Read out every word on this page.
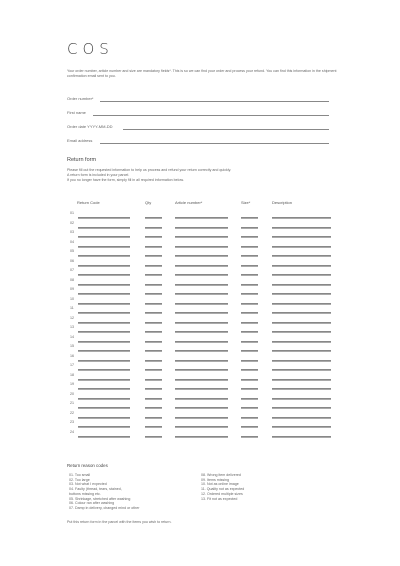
COS
Your order number, article number and size are mandatory fields*. This is so we can find your order and process your refund. You can find this information in the shipment confirmation email sent to you.
Order number*
First name
Order date YYYY-MM-DD
Email address
Return form
Please fill out the requested information to help us process and refund your return correctly and quickly.
A return form is included in your parcel.
If you no longer have the form, simply fill in all required information below.
Return Code	Qty	Article number*	Size*	Description
01
02
03
04
05
06
07
08
09
10
11
12
13
14
15
16
17
18
19
20
21
22
23
24
Return reason codes
01. Too small
02. Too large
03. Not what I expected
04. Faulty (thread, tears, stained,
buttons missing etc.
05. Shrinkage, stretched after washing
06. Colour ran after washing
07. Damp in delivery, changed mind or other
08. Wrong item delivered
09. Items missing
10. Not as online image
11. Quality not as expected
12. Ordered multiple sizes
13. Fit not as expected
Put this return form in the parcel with the items you wish to return.
